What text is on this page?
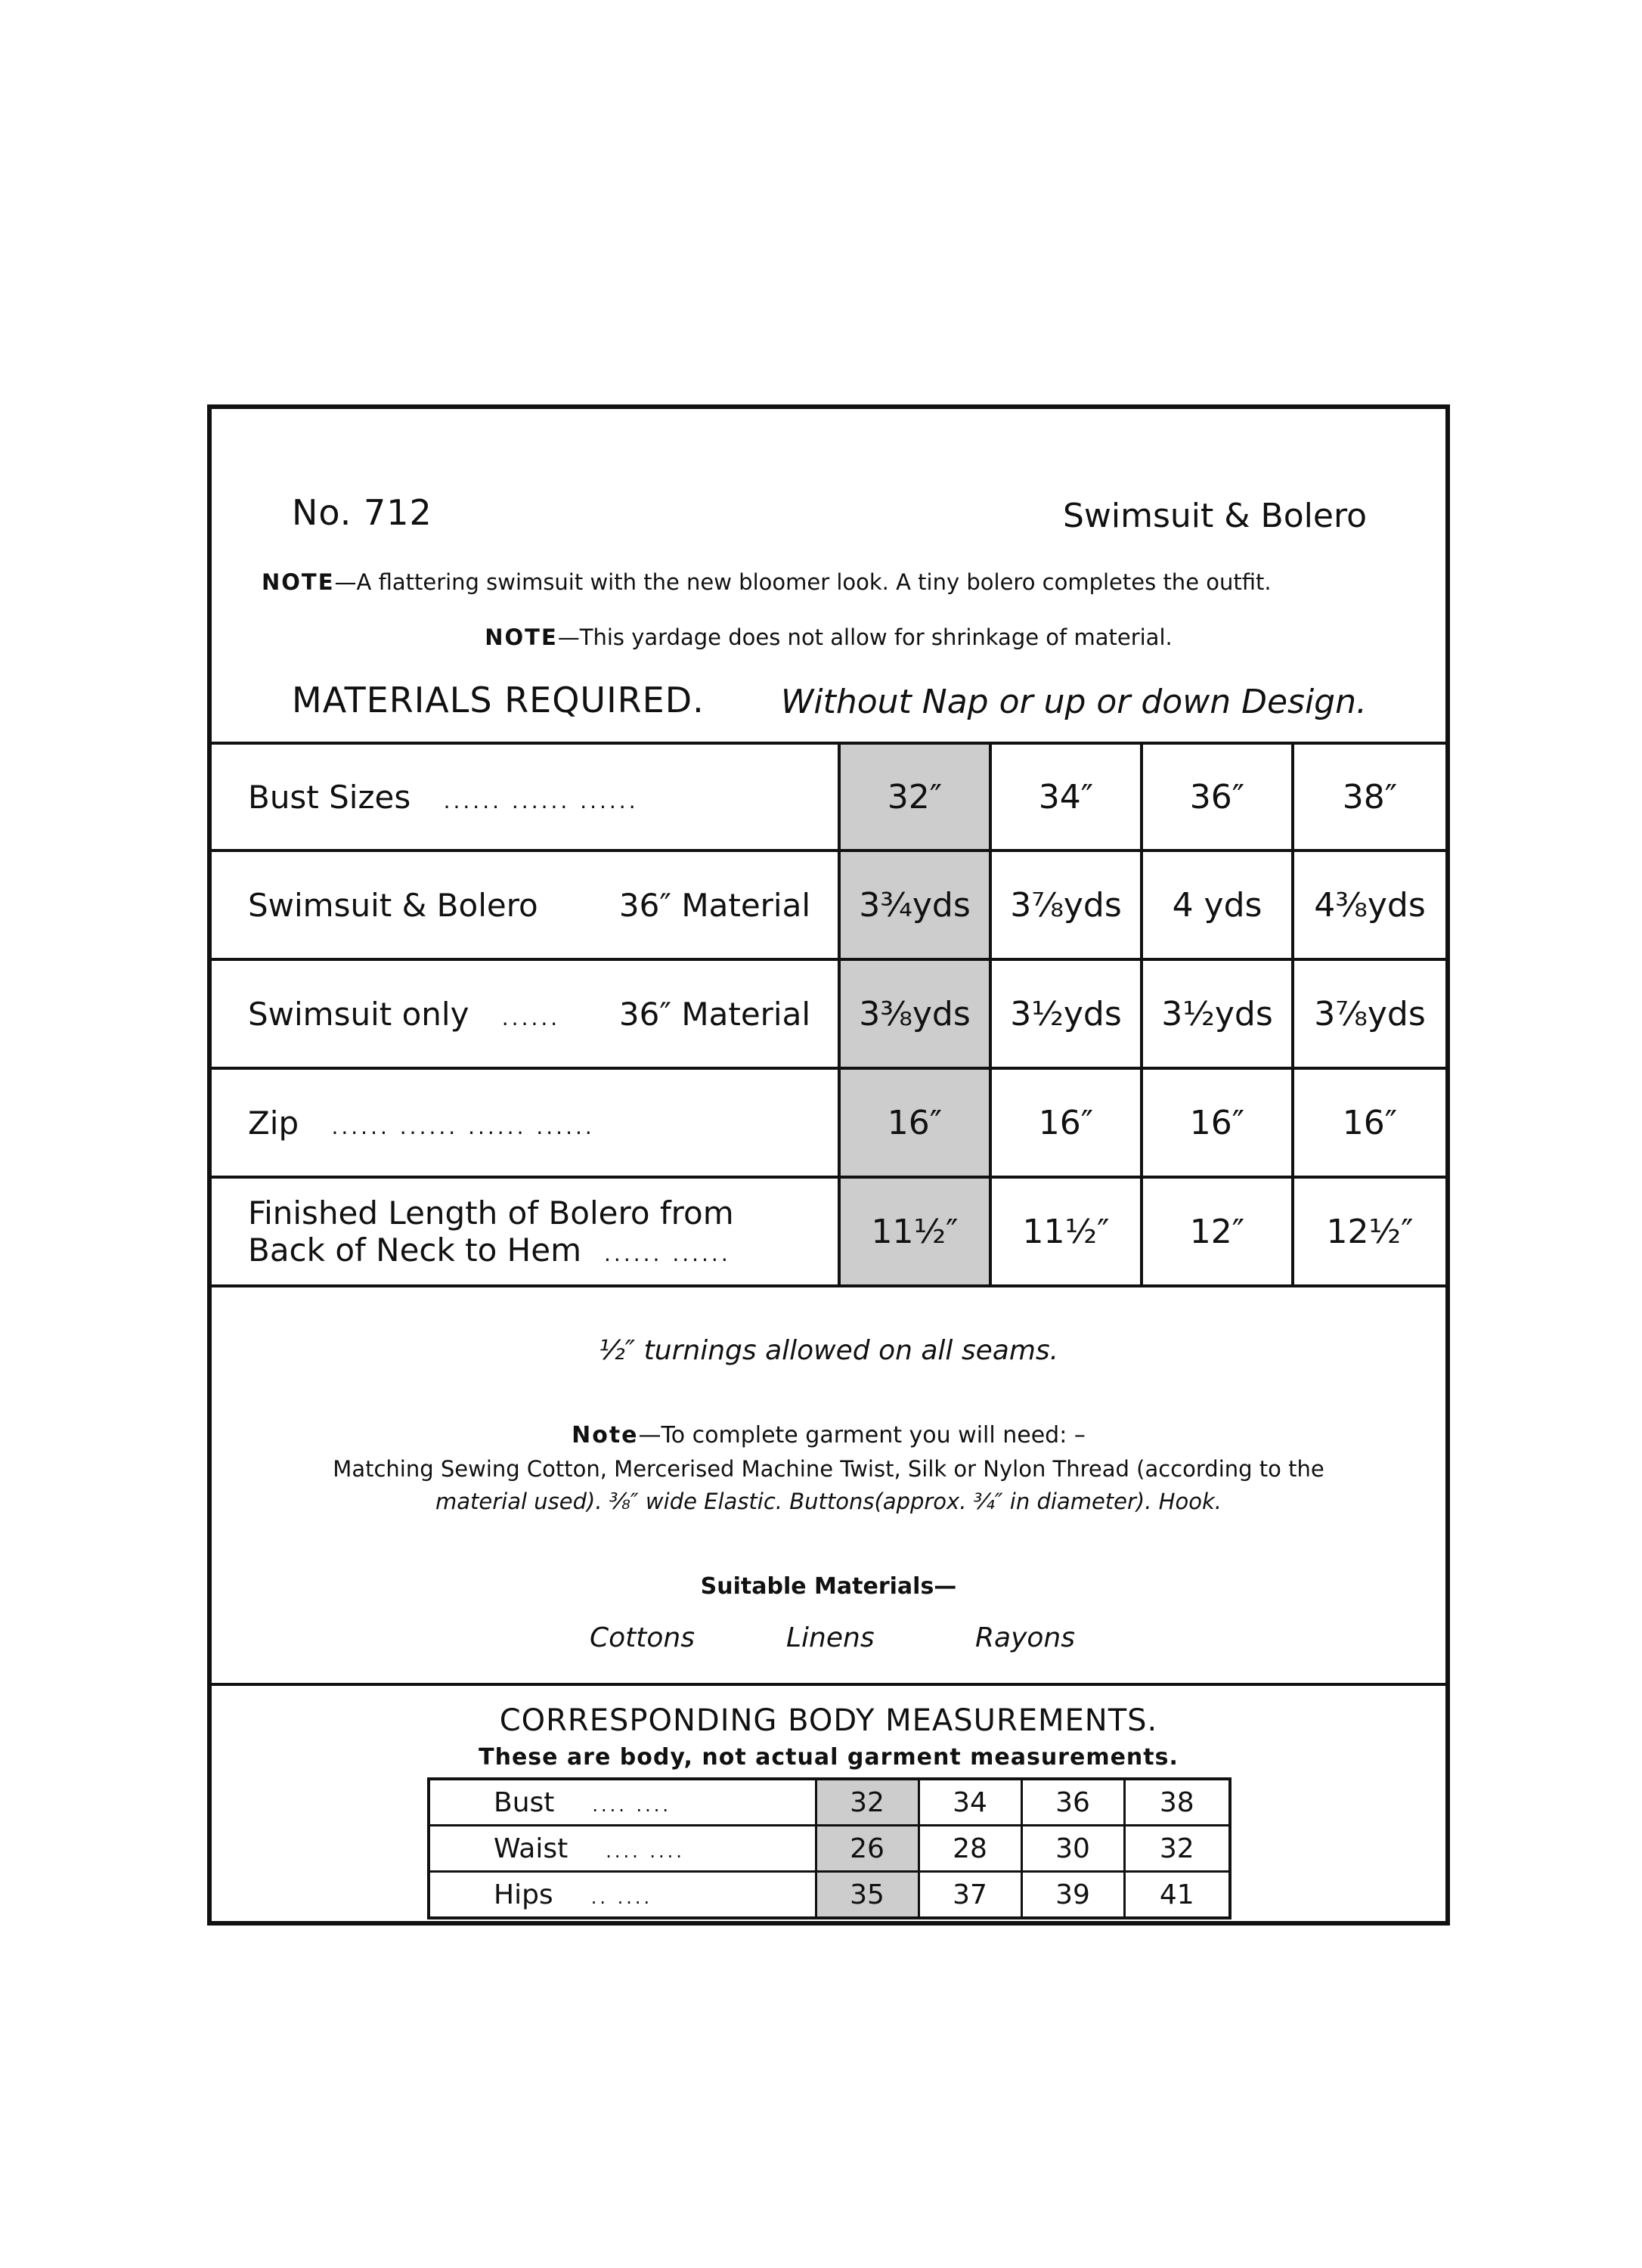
No. 712	Swimsuit & Bolero
NOTE—A flattering swimsuit with the new bloomer look. A tiny bolero completes the outfit.
NOTE—This yardage does not allow for shrinkage of material.
MATERIALS REQUIRED. Without Nap or up or down Design.
Bust Sizes ...... ...... ......	32″	34″	36″	38″
Swimsuit & Bolero 36″ Material	3¾yds	3⅞yds	4 yds	4⅜yds
Swimsuit only ...... 36″ Material	3⅜yds	3½yds	3½yds	3⅞yds
Zip ...... ...... ...... ......	16″	16″	16″	16″

Finished Length of Bolero from
Back of Neck to Hem ...... ......	11½″	11½″	12″	12½″
½″ turnings allowed on all seams.
Note—To complete garment you will need: –
Matching Sewing Cotton, Mercerised Machine Twist, Silk or Nylon Thread (according to the
material used). ⅜″ wide Elastic. Buttons(approx. ¾″ in diameter). Hook.
Suitable Materials—
Cottons	Linens	Rayons
CORRESPONDING BODY MEASUREMENTS.
These are body, not actual garment measurements.
Bust .... ....	32	34	36	38
Waist .... ....	26	28	30	32
Hips .. ....	35	37	39	41
